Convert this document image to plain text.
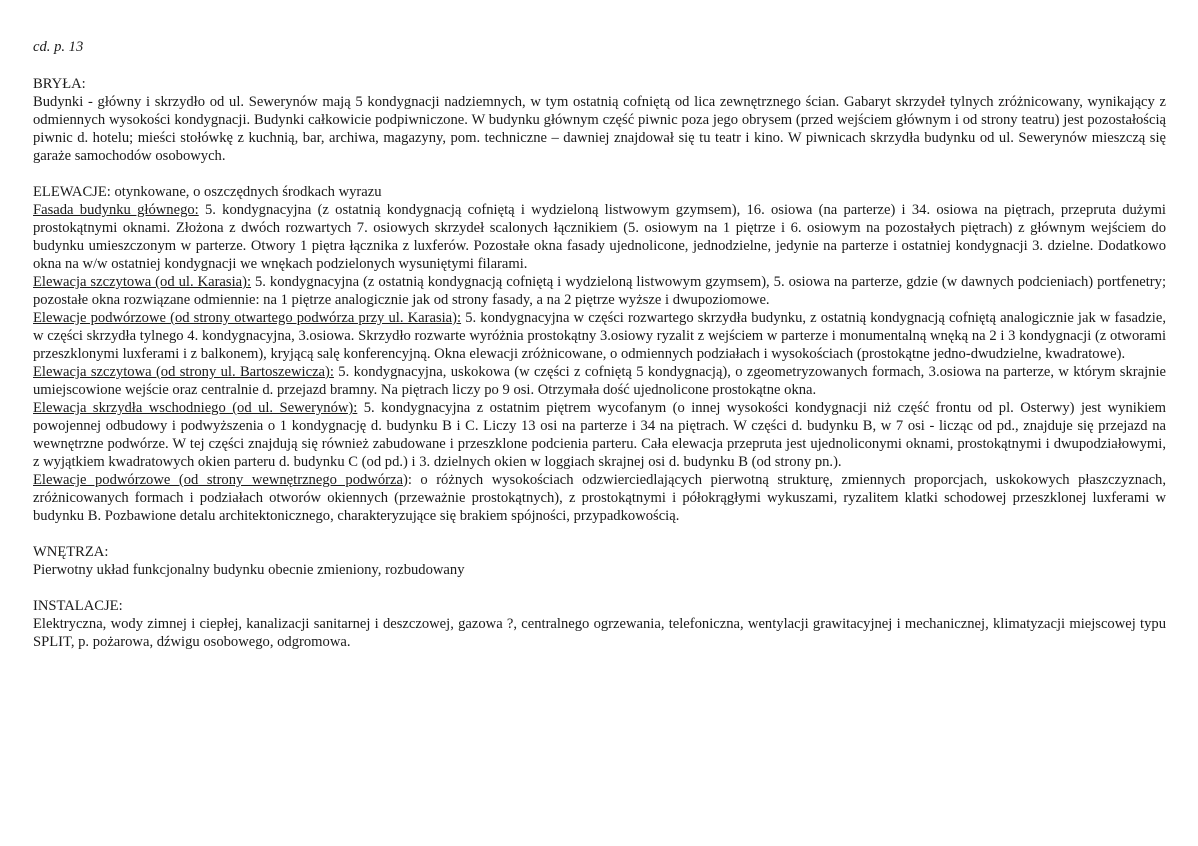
cd. p. 13
BRYŁA:

Budynki - główny i skrzydło od ul. Sewerynów mają 5 kondygnacji nadziemnych, w tym ostatnią cofniętą od lica zewnętrznego ścian. Gabaryt skrzydeł tylnych zróżnicowany, wynikający z odmiennych wysokości kondygnacji. Budynki całkowicie podpiwniczone. W budynku głównym część piwnic poza jego obrysem (przed wejściem głównym i od strony teatru) jest pozostałością piwnic d. hotelu; mieści stołówkę z kuchnią, bar, archiwa, magazyny, pom. techniczne – dawniej znajdował się tu teatr i kino. W piwnicach skrzydła budynku od ul. Sewerynów mieszczą się garaże samochodów osobowych.

ELEWACJE: otynkowane, o oszczędnych środkach wyrazu

Fasada budynku głównego: 5. kondygnacyjna (z ostatnią kondygnacją cofniętą i wydzieloną listwowym gzymsem), 16. osiowa (na parterze) i 34. osiowa na piętrach, przepruta dużymi prostokątnymi oknami. Złożona z dwóch rozwartych 7. osiowych skrzydeł scalonych łącznikiem (5. osiowym na 1 piętrze i 6. osiowym na pozostałych piętrach) z głównym wejściem do budynku umieszczonym w parterze. Otwory 1 piętra łącznika z luxferów. Pozostałe okna fasady ujednolicone, jednodzielne, jedynie na parterze i ostatniej kondygnacji 3. dzielne. Dodatkowo okna na w/w ostatniej kondygnacji we wnękach podzielonych wysuniętymi filarami.

Elewacja szczytowa (od ul. Karasia): 5. kondygnacyjna (z ostatnią kondygnacją cofniętą i wydzieloną listwowym gzymsem), 5. osiowa na parterze, gdzie (w dawnych podcieniach) portfenetry; pozostałe okna rozwiązane odmiennie: na 1 piętrze analogicznie jak od strony fasady, a na 2 piętrze wyższe i dwupoziomowe.

Elewacje podwórzowe (od strony otwartego podwórza przy ul. Karasia): 5. kondygnacyjna w części rozwartego skrzydła budynku, z ostatnią kondygnacją cofniętą analogicznie jak w fasadzie, w części skrzydła tylnego 4. kondygnacyjna, 3.osiowa. Skrzydło rozwarte wyróżnia prostokątny 3.osiowy ryzalit z wejściem w parterze i monumentalną wnęką na 2 i 3 kondygnacji (z otworami przeszklonymi luxferami i z balkonem), kryjącą salę konferencyjną. Okna elewacji zróżnicowane, o odmiennych podziałach i wysokościach (prostokątne jedno-dwudzielne, kwadratowe).

Elewacja szczytowa (od strony ul. Bartoszewicza): 5. kondygnacyjna, uskokowa (w części z cofniętą 5 kondygnacją), o zgeometryzowanych formach, 3.osiowa na parterze, w którym skrajnie umiejscowione wejście oraz centralnie d. przejazd bramny. Na piętrach liczy po 9 osi. Otrzymała dość ujednolicone prostokątne okna.

Elewacja skrzydła wschodniego (od ul. Sewerynów): 5. kondygnacyjna z ostatnim piętrem wycofanym (o innej wysokości kondygnacji niż część frontu od pl. Osterwy) jest wynikiem powojennej odbudowy i podwyższenia o 1 kondygnację d. budynku B i C. Liczy 13 osi na parterze i 34 na piętrach. W części d. budynku B, w 7 osi - licząc od pd., znajduje się przejazd na wewnętrzne podwórze. W tej części znajdują się również zabudowane i przeszklone podcienia parteru. Cała elewacja przepruta jest ujednoliconymi oknami, prostokątnymi i dwupodziałowymi, z wyjątkiem kwadratowych okien parteru d. budynku C (od pd.) i 3. dzielnych okien w loggiach skrajnej osi d. budynku B (od strony pn.).

Elewacje podwórzowe (od strony wewnętrznego podwórza): o różnych wysokościach odzwierciedlających pierwotną strukturę, zmiennych proporcjach, uskokowych płaszczyznach, zróżnicowanych formach i podziałach otworów okiennych (przeważnie prostokątnych), z prostokątnymi i półokrągłymi wykuszami, ryzalitem klatki schodowej przeszklonej luxferami w budynku B. Pozbawione detalu architektonicznego, charakteryzujące się brakiem spójności, przypadkowością.

WNĘTRZA:

Pierwotny układ funkcjonalny budynku obecnie zmieniony, rozbudowany

INSTALACJE:

Elektryczna, wody zimnej i ciepłej, kanalizacji sanitarnej i deszczowej, gazowa ?, centralnego ogrzewania, telefoniczna, wentylacji grawitacyjnej i mechanicznej, klimatyzacji miejscowej typu SPLIT, p. pożarowa, dźwigu osobowego, odgromowa.
